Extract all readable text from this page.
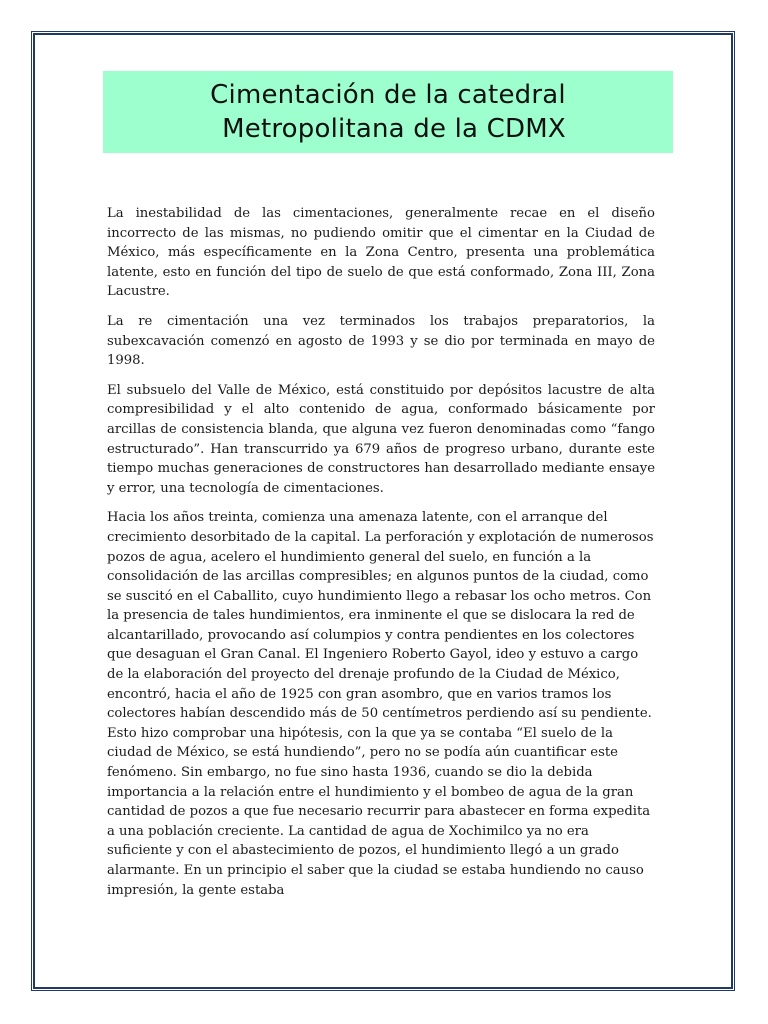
Cimentación de la catedral
Metropolitana de la CDMX

La inestabilidad de las cimentaciones, generalmente recae en el diseño incorrecto de las mismas, no pudiendo omitir que el cimentar en la Ciudad de México, más específicamente en la Zona Centro, presenta una problemática latente, esto en función del tipo de suelo de que está conformado, Zona III, Zona Lacustre.

La re cimentación una vez terminados los trabajos preparatorios, la subexcavación comenzó en agosto de 1993 y se dio por terminada en mayo de 1998.

El subsuelo del Valle de México, está constituido por depósitos lacustre de alta compresibilidad y el alto contenido de agua, conformado básicamente por arcillas de consistencia blanda, que alguna vez fueron denominadas como “fango estructurado”. Han transcurrido ya 679 años de progreso urbano, durante este tiempo muchas generaciones de constructores han desarrollado mediante ensaye y error, una tecnología de cimentaciones.

Hacia los años treinta, comienza una amenaza latente, con el arranque del crecimiento desorbitado de la capital. La perforación y explotación de numerosos pozos de agua, acelero el hundimiento general del suelo, en función a la consolidación de las arcillas compresibles; en algunos puntos de la ciudad, como se suscitó en el Caballito, cuyo hundimiento llego a rebasar los ocho metros. Con la presencia de tales hundimientos, era inminente el que se dislocara la red de alcantarillado, provocando así columpios y contra pendientes en los colectores que desaguan el Gran Canal. El Ingeniero Roberto Gayol, ideo y estuvo a cargo de la elaboración del proyecto del drenaje profundo de la Ciudad de México, encontró, hacia el año de 1925 con gran asombro, que en varios tramos los colectores habían descendido más de 50 centímetros perdiendo así su pendiente. Esto hizo comprobar una hipótesis, con la que ya se contaba “El suelo de la ciudad de México, se está hundiendo”, pero no se podía aún cuantificar este fenómeno. Sin embargo, no fue sino hasta 1936, cuando se dio la debida importancia a la relación entre el hundimiento y el bombeo de agua de la gran cantidad de pozos a que fue necesario recurrir para abastecer en forma expedita a una población creciente. La cantidad de agua de Xochimilco ya no era suficiente y con el abastecimiento de pozos, el hundimiento llegó a un grado alarmante. En un principio el saber que la ciudad se estaba hundiendo no causo impresión, la gente estaba
